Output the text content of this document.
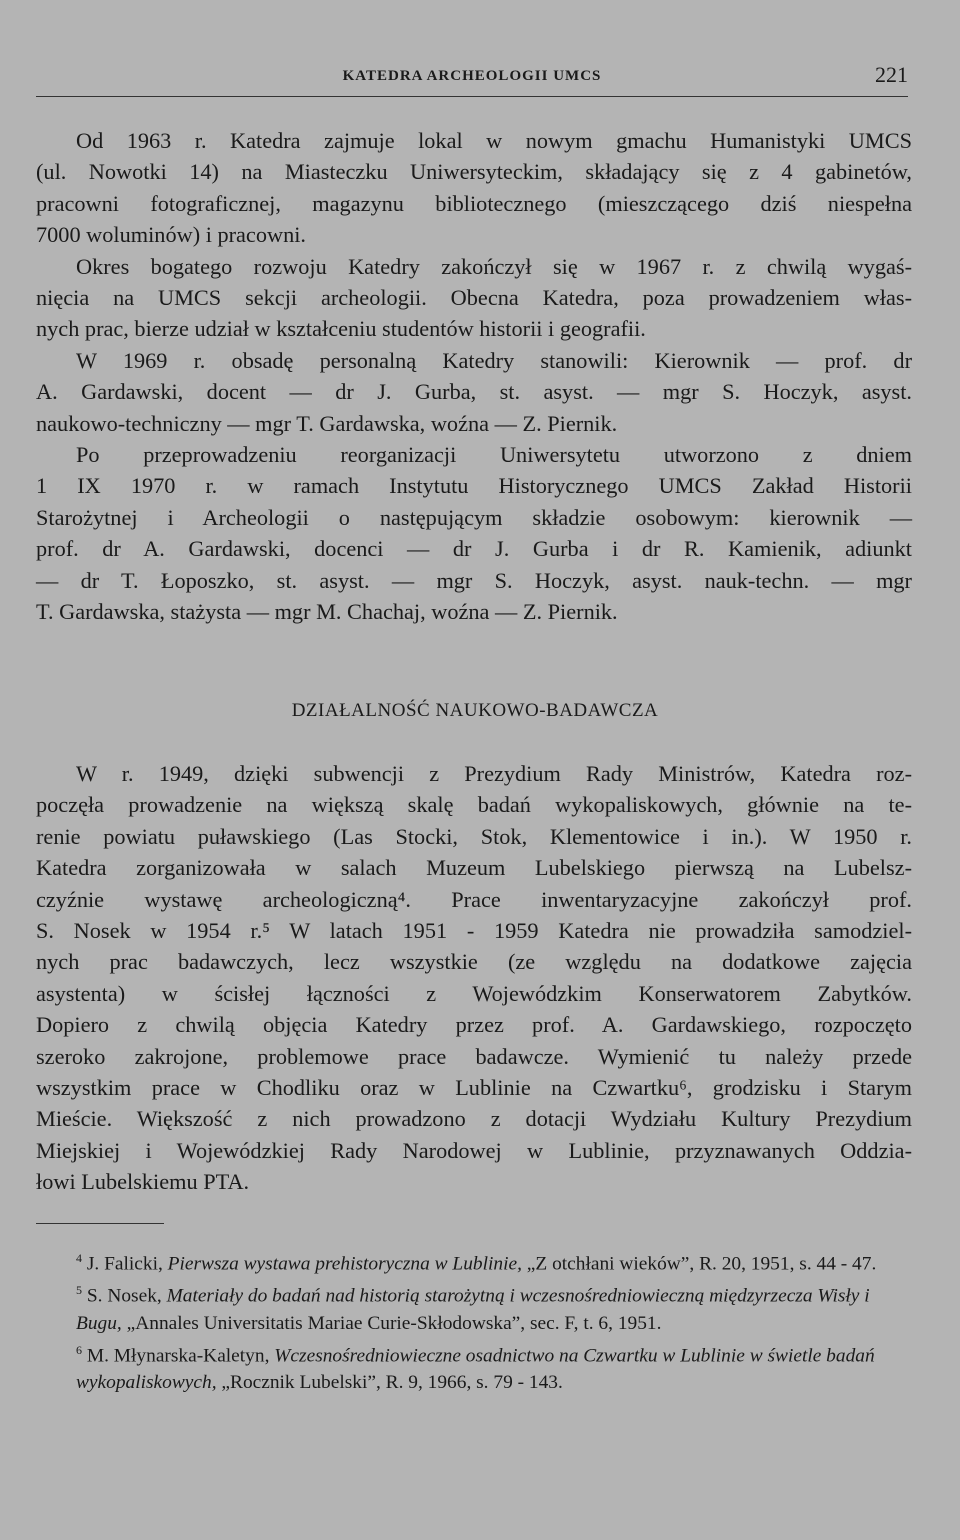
KATEDRA ARCHEOLOGII UMCS	221
Od 1963 r. Katedra zajmuje lokal w nowym gmachu Humanistyki UMCS
(ul. Nowotki 14) na Miasteczku Uniwersyteckim, składający się z 4 gabinetów,
pracowni fotograficznej, magazynu bibliotecznego (mieszczącego dziś niespełna
7000 woluminów) i pracowni.
Okres bogatego rozwoju Katedry zakończył się w 1967 r. z chwilą wygaś-
nięcia na UMCS sekcji archeologii. Obecna Katedra, poza prowadzeniem włas-
nych prac, bierze udział w kształceniu studentów historii i geografii.
W 1969 r. obsadę personalną Katedry stanowili: Kierownik — prof. dr
A. Gardawski, docent — dr J. Gurba, st. asyst. — mgr S. Hoczyk, asyst.
naukowo-techniczny — mgr T. Gardawska, woźna — Z. Piernik.
Po przeprowadzeniu reorganizacji Uniwersytetu utworzono z dniem
1 IX 1970 r. w ramach Instytutu Historycznego UMCS Zakład Historii
Starożytnej i Archeologii o następującym składzie osobowym: kierownik —
prof. dr A. Gardawski, docenci — dr J. Gurba i dr R. Kamienik, adiunkt
— dr T. Łoposzko, st. asyst. — mgr S. Hoczyk, asyst. nauk-techn. — mgr
T. Gardawska, stażysta — mgr M. Chachaj, woźna — Z. Piernik.
DZIAŁALNOŚĆ NAUKOWO-BADAWCZA
W r. 1949, dzięki subwencji z Prezydium Rady Ministrów, Katedra roz-
poczęła prowadzenie na większą skalę badań wykopaliskowych, głównie na te-
renie powiatu puławskiego (Las Stocki, Stok, Klementowice i in.). W 1950 r.
Katedra zorganizowała w salach Muzeum Lubelskiego pierwszą na Lubelsz-
czyźnie wystawę archeologiczną⁴. Prace inwentaryzacyjne zakończył prof.
S. Nosek w 1954 r.⁵ W latach 1951 - 1959 Katedra nie prowadziła samodziel-
nych prac badawczych, lecz wszystkie (ze względu na dodatkowe zajęcia
asystenta) w ścisłej łączności z Wojewódzkim Konserwatorem Zabytków.
Dopiero z chwilą objęcia Katedry przez prof. A. Gardawskiego, rozpoczęto
szeroko zakrojone, problemowe prace badawcze. Wymienić tu należy przede
wszystkim prace w Chodliku oraz w Lublinie na Czwartku⁶, grodzisku i Starym
Mieście. Większość z nich prowadzono z dotacji Wydziału Kultury Prezydium
Miejskiej i Wojewódzkiej Rady Narodowej w Lublinie, przyznawanych Oddzia-
łowi Lubelskiemu PTA.
$^4$ J. Falicki, Pierwsza wystawa prehistoryczna w Lublinie, „Z otchłani wieków”, R. 20, 1951, s. 44 - 47.
$^5$ S. Nosek, Materiały do badań nad historią starożytną i wczesnośredniowieczną międzyrzecza Wisły i Bugu, „Annales Universitatis Mariae Curie-Skłodowska”, sec. F, t. 6, 1951.
$^6$ M. Młynarska-Kaletyn, Wczesnośredniowieczne osadnictwo na Czwartku w Lublinie w świetle badań wykopaliskowych, „Rocznik Lubelski”, R. 9, 1966, s. 79 - 143.
